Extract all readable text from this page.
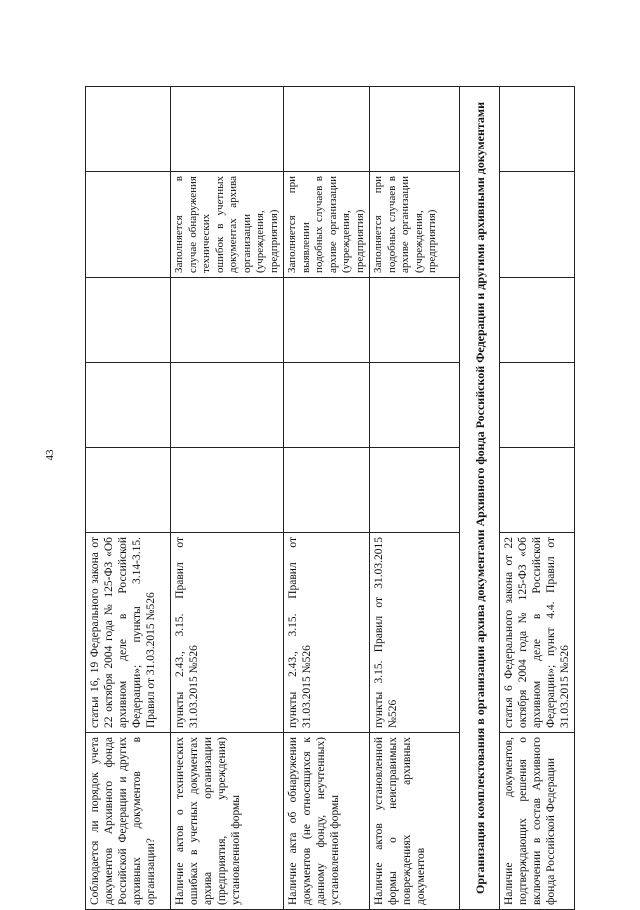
43
Соблюдается ли порядок учета документов Архивного фонда Российской Федерации и других архивных документов в организации?	статьи 16, 19 Федерального закона от 22 октября 2004 года № 125-ФЗ «Об архивном деле в Российской Федерации»; пункты 3.14-3.15. Правил от 31.03.2015 №526					
Наличие актов о технических ошибках в учетных документах архива организации (предприятия, учреждения) установленной формы	пункты 2.43., 3.15. Правил от 31.03.2015 №526				Заполняется в случае обнаружения технических ошибок в учетных документах архива организации (учреждения, предприятия)	
Наличие акта об обнаружении документов (не относящихся к данному фонду, неучтенных) установленной формы	пункты 2.43., 3.15. Правил от 31.03.2015 №526				Заполняется при выявлении подобных случаев в архиве организации (учреждения, предприятия)	
Наличие актов установленной формы о неисправимых повреждениях архивных документов	пункты 3.15. Правил от 31.03.2015 №526				Заполняется при подобных случаев в архиве организации (учреждения, предприятия)	
Организация комплектования в организации архива документами Архивного фонда Российской Федерации и другими архивными документами						
Наличие документов, подтверждающих решения о включении в состав Архивного фонда Российской Федерации	статья 6 Федерального закона от 22 октября 2004 года № 125-ФЗ «Об архивном деле в Российской Федерации»; пункт 4.4. Правил от 31.03.2015 №526					
